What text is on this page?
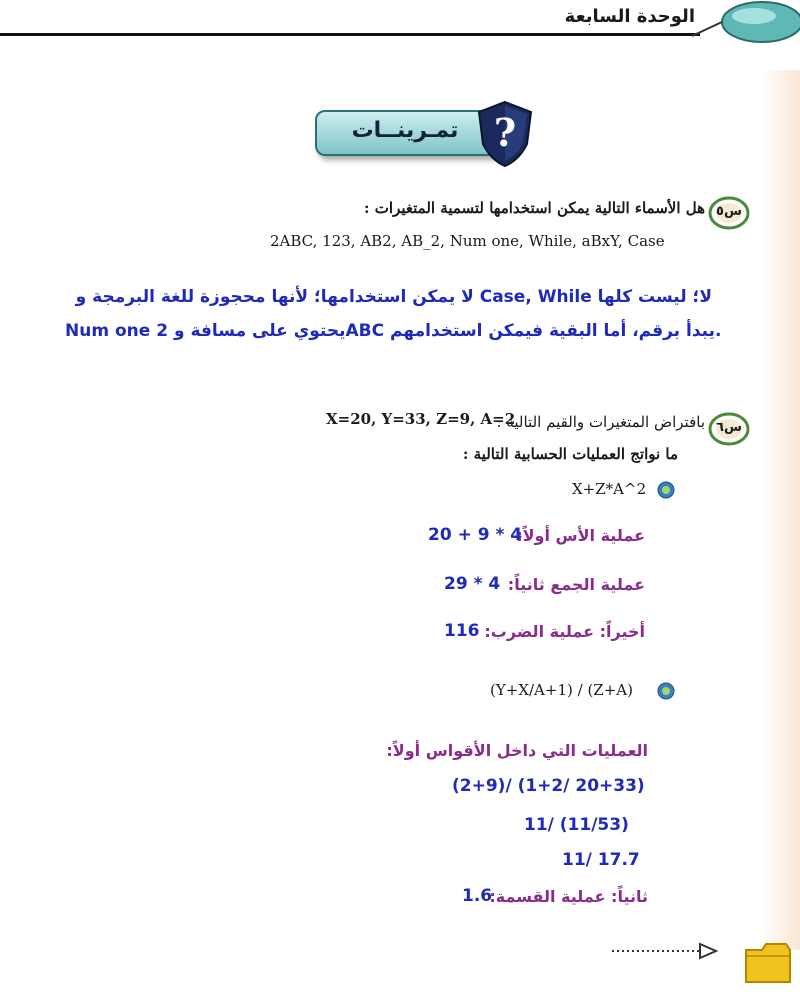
الوحدة السابعة
تمـرينــات ?
س٥
هل الأسماء التالية يمكن استخدامها لتسمية المتغيرات :
2ABC, 123, AB2, AB_2, Num one, While, aBxY, Case
لا؛ ليست كلها Case, While لا يمكن استخدامها؛ لأنها محجوزة للغة البرمجة و
Num one يحتوي على مسافة و 2ABC يبدأ برقم، أما البقية فيمكن استخدامهم.
س٦
بافتراض المتغيرات والقيم التالية :
X=20, Y=33, Z=9, A=2
ما نواتج العمليات الحسابية التالية :
X+Z*A^2
عملية الأس أولاً:
20 + 9 * 4
عملية الجمع ثانياً:
29 * 4
أخيراً: عملية الضرب:
116
(Y+X/A+1) / (Z+A)
العمليات التي داخل الأقواس أولاً:
(2+9)/ (1+2/ 20+33)
11/ (11/53)
11/ 17.7
ثانياً: عملية القسمة:
1.6
